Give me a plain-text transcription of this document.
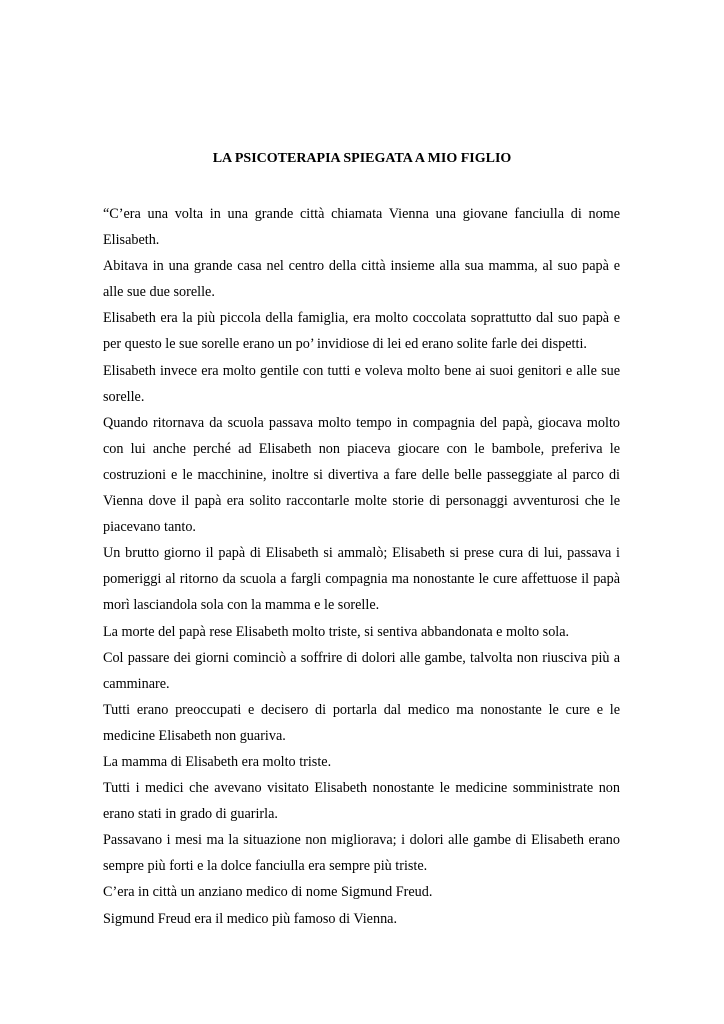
LA PSICOTERAPIA SPIEGATA A MIO FIGLIO

“C’era una volta in una grande città chiamata Vienna una giovane fanciulla di nome Elisabeth.

Abitava in una grande casa nel centro della città insieme alla sua mamma, al suo papà e alle sue due sorelle.

Elisabeth era la più piccola della famiglia, era molto coccolata soprattutto dal suo papà e per questo le sue sorelle erano un po’ invidiose di lei ed erano solite farle dei dispetti.

Elisabeth invece era molto gentile con tutti e voleva molto bene ai suoi genitori e alle sue sorelle.

Quando ritornava da scuola passava molto tempo in compagnia del papà, giocava molto con lui anche perché ad Elisabeth non piaceva giocare con le bambole, preferiva le costruzioni e le macchinine, inoltre si divertiva a fare delle belle passeggiate al parco di Vienna dove il papà era solito raccontarle molte storie di personaggi avventurosi che le piacevano tanto.

Un brutto giorno il papà di Elisabeth si ammalò; Elisabeth si prese cura di lui, passava i pomeriggi al ritorno da scuola a fargli compagnia ma nonostante le cure affettuose il papà morì lasciandola sola con la mamma e le sorelle.

La morte del papà rese Elisabeth molto triste, si sentiva abbandonata e molto sola.

Col passare dei giorni cominciò a soffrire di dolori alle gambe, talvolta non riusciva più a camminare.

Tutti erano preoccupati e decisero di portarla dal medico ma nonostante le cure e le medicine Elisabeth non guariva.

La mamma di Elisabeth era molto triste.

Tutti i medici che avevano visitato Elisabeth nonostante le medicine somministrate non erano stati in grado di guarirla.

Passavano i mesi ma la situazione non migliorava; i dolori alle gambe di Elisabeth erano sempre più forti e la dolce fanciulla era sempre più triste.

C’era in città un anziano medico di nome Sigmund Freud.

Sigmund Freud era il medico più famoso di Vienna.
